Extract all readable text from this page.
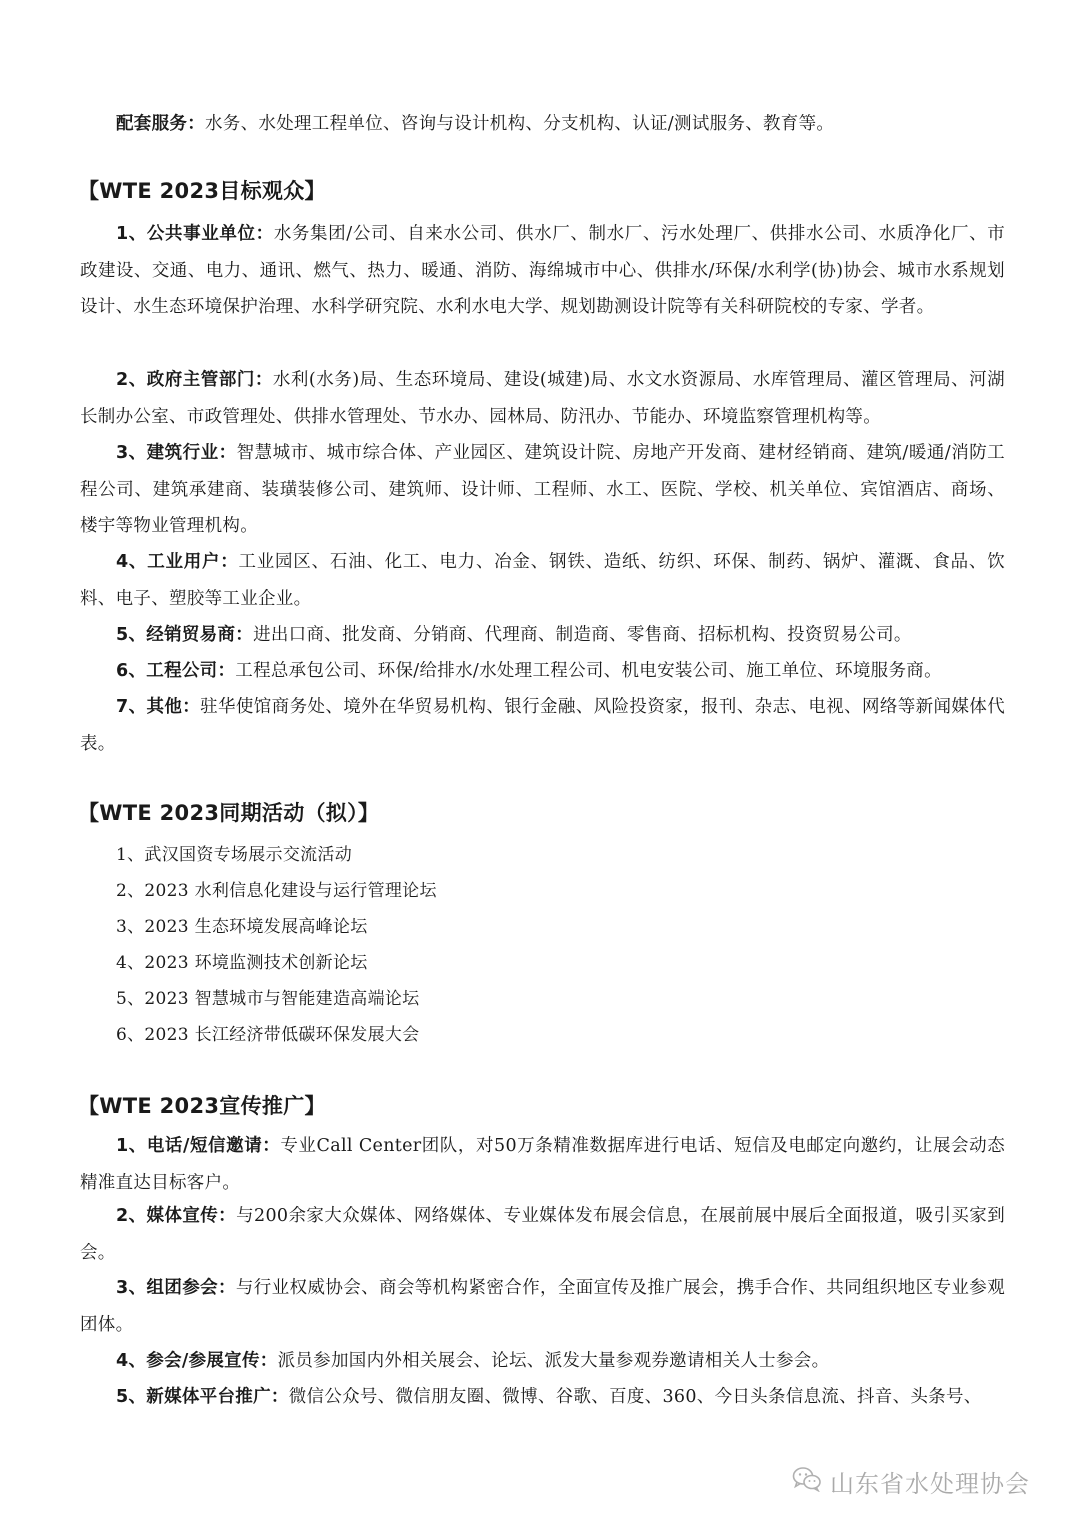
配套服务：水务、水处理工程单位、咨询与设计机构、分支机构、认证/测试服务、教育等。

【WTE 2023目标观众】

1、公共事业单位：水务集团/公司、自来水公司、供水厂、制水厂、污水处理厂、供排水公司、水质净化厂、市政建设、交通、电力、通讯、燃气、热力、暖通、消防、海绵城市中心、供排水/环保/水利学(协)协会、城市水系规划设计、水生态环境保护治理、水科学研究院、水利水电大学、规划勘测设计院等有关科研院校的专家、学者。

2、政府主管部门：水利(水务)局、生态环境局、建设(城建)局、水文水资源局、水库管理局、灌区管理局、河湖长制办公室、市政管理处、供排水管理处、节水办、园林局、防汛办、节能办、环境监察管理机构等。

3、建筑行业：智慧城市、城市综合体、产业园区、建筑设计院、房地产开发商、建材经销商、建筑/暖通/消防工程公司、建筑承建商、装璜装修公司、建筑师、设计师、工程师、水工、医院、学校、机关单位、宾馆酒店、商场、楼宇等物业管理机构。

4、工业用户：工业园区、石油、化工、电力、冶金、钢铁、造纸、纺织、环保、制药、锅炉、灌溉、食品、饮料、电子、塑胶等工业企业。

5、经销贸易商：进出口商、批发商、分销商、代理商、制造商、零售商、招标机构、投资贸易公司。

6、工程公司：工程总承包公司、环保/给排水/水处理工程公司、机电安装公司、施工单位、环境服务商。

7、其他：驻华使馆商务处、境外在华贸易机构、银行金融、风险投资家，报刊、杂志、电视、网络等新闻媒体代表。

【WTE 2023同期活动（拟）】

1、武汉国资专场展示交流活动

2、2023 水利信息化建设与运行管理论坛

3、2023 生态环境发展高峰论坛

4、2023 环境监测技术创新论坛

5、2023 智慧城市与智能建造高端论坛

6、2023 长江经济带低碳环保发展大会

【WTE 2023宣传推广】

1、电话/短信邀请：专业Call Center团队，对50万条精准数据库进行电话、短信及电邮定向邀约，让展会动态精准直达目标客户。

2、媒体宣传：与200余家大众媒体、网络媒体、专业媒体发布展会信息，在展前展中展后全面报道，吸引买家到会。

3、组团参会：与行业权威协会、商会等机构紧密合作，全面宣传及推广展会，携手合作、共同组织地区专业参观团体。

4、参会/参展宣传：派员参加国内外相关展会、论坛、派发大量参观券邀请相关人士参会。

5、新媒体平台推广：微信公众号、微信朋友圈、微博、谷歌、百度、360、今日头条信息流、抖音、头条号、

山东省水处理协会
